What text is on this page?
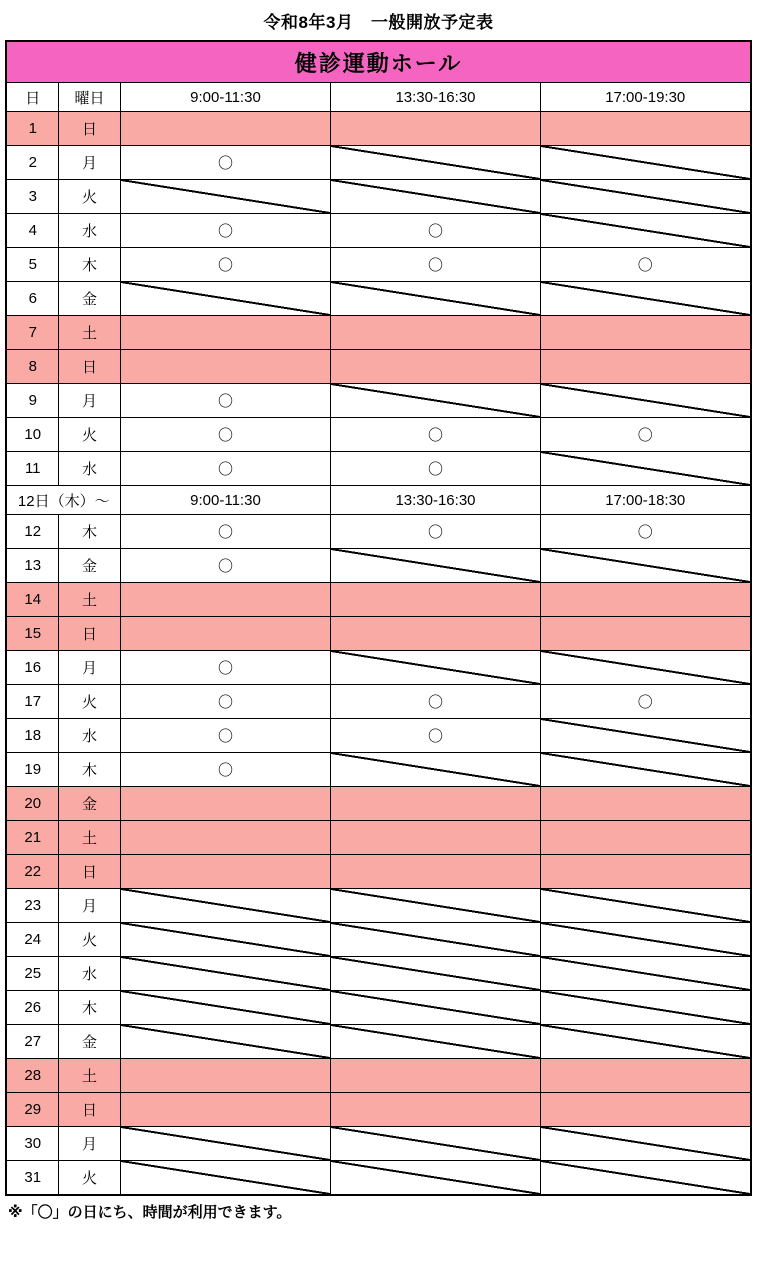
令和8年3月　一般開放予定表
健診運動ホール				
日	曜日	9:00-11:30	13:30-16:30	17:00-19:30
1	日			
2	月	〇		
3	火			
4	水	〇	〇	
5	木	〇	〇	〇
6	金			
7	土			
8	日			
9	月	〇		
10	火	〇	〇	〇
11	水	〇	〇	
12日（木）～		9:00-11:30	13:30-16:30	17:00-18:30
12	木	〇	〇	〇
13	金	〇		
14	土			
15	日			
16	月	〇		
17	火	〇	〇	〇
18	水	〇	〇	
19	木	〇		
20	金			
21	土			
22	日			
23	月			
24	火			
25	水			
26	木			
27	金			
28	土			
29	日			
30	月			
31	火			
※「〇」の日にち、時間が利用できます。
